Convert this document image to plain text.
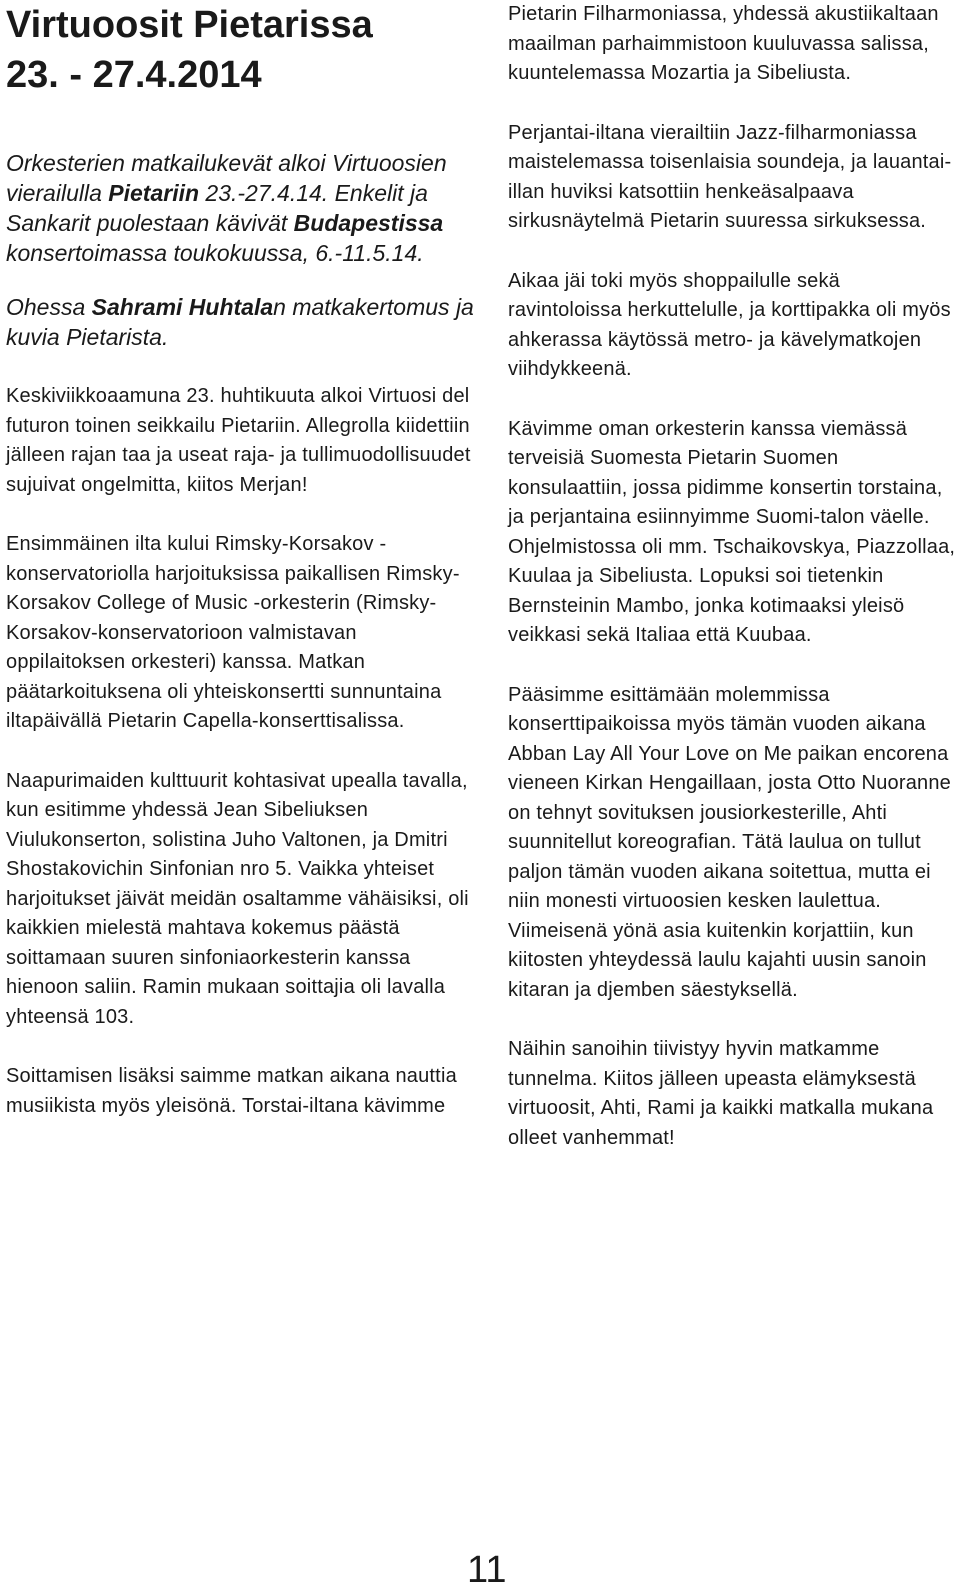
Virtuoosit Pietarissa
23. - 27.4.2014

Orkesterien matkailukevät alkoi Virtuoosien vierailulla Pietariin 23.-27.4.14. Enkelit ja Sankarit puolestaan kävivät Budapestissa konsertoimassa toukokuussa, 6.-11.5.14.

Ohessa Sahrami Huhtalan matkakertomus ja kuvia Pietarista.

Keskiviikkoaamuna 23. huhtikuuta alkoi Virtuosi del futuron toinen seikkailu Pietariin. Allegrolla kiidettiin jälleen rajan taa ja useat raja- ja tullimuodollisuudet sujuivat ongelmitta, kiitos Merjan!

Ensimmäinen ilta kului Rimsky-Korsakov -konservatoriolla harjoituksissa paikallisen Rimsky-Korsakov College of Music -orkesterin (Rimsky-Korsakov-konservatorioon valmistavan oppilaitoksen orkesteri) kanssa. Matkan päätarkoituksena oli yhteiskonsertti sunnuntaina iltapäivällä Pietarin Capella-konserttisalissa.

Naapurimaiden kulttuurit kohtasivat upealla tavalla, kun esitimme yhdessä Jean Sibeliuksen Viulukonserton, solistina Juho Valtonen, ja Dmitri Shostakovichin Sinfonian nro 5. Vaikka yhteiset harjoitukset jäivät meidän osaltamme vähäisiksi, oli kaikkien mielestä mahtava kokemus päästä soittamaan suuren sinfoniaorkesterin kanssa hienoon saliin. Ramin mukaan soittajia oli lavalla yhteensä 103.

Soittamisen lisäksi saimme matkan aikana nauttia musiikista myös yleisönä. Torstai-iltana kävimme

Pietarin Filharmoniassa, yhdessä akustiikaltaan maailman parhaimmistoon kuuluvassa salissa, kuuntelemassa Mozartia ja Sibeliusta.

Perjantai-iltana vierailtiin Jazz-filharmoniassa maistelemassa toisenlaisia soundeja, ja lauantai-illan huviksi katsottiin henkeäsalpaava sirkusnäytelmä Pietarin suuressa sirkuksessa.

Aikaa jäi toki myös shoppailulle sekä ravintoloissa herkuttelulle, ja korttipakka oli myös ahkerassa käytössä metro- ja kävelymatkojen viihdykkeenä.

Kävimme oman orkesterin kanssa viemässä terveisiä Suomesta Pietarin Suomen konsulaattiin, jossa pidimme konsertin torstaina, ja perjantaina esiinnyimme Suomi-talon väelle. Ohjelmistossa oli mm. Tschaikovskya, Piazzollaa, Kuulaa ja Sibeliusta. Lopuksi soi tietenkin Bernsteinin Mambo, jonka kotimaaksi yleisö veikkasi sekä Italiaa että Kuubaa.

Pääsimme esittämään molemmissa konserttipaikoissa myös tämän vuoden aikana Abban Lay All Your Love on Me paikan encorena vieneen Kirkan Hengaillaan, josta Otto Nuoranne on tehnyt sovituksen jousiorkesterille, Ahti suunnitellut koreografian. Tätä laulua on tullut paljon tämän vuoden aikana soitettua, mutta ei niin monesti virtuoosien kesken laulettua. Viimeisenä yönä asia kuitenkin korjattiin, kun kiitosten yhteydessä laulu kajahti uusin sanoin kitaran ja djemben säestyksellä.

Näihin sanoihin tiivistyy hyvin matkamme tunnelma. Kiitos jälleen upeasta elämyksestä virtuoosit, Ahti, Rami ja kaikki matkalla mukana olleet vanhemmat!

11
